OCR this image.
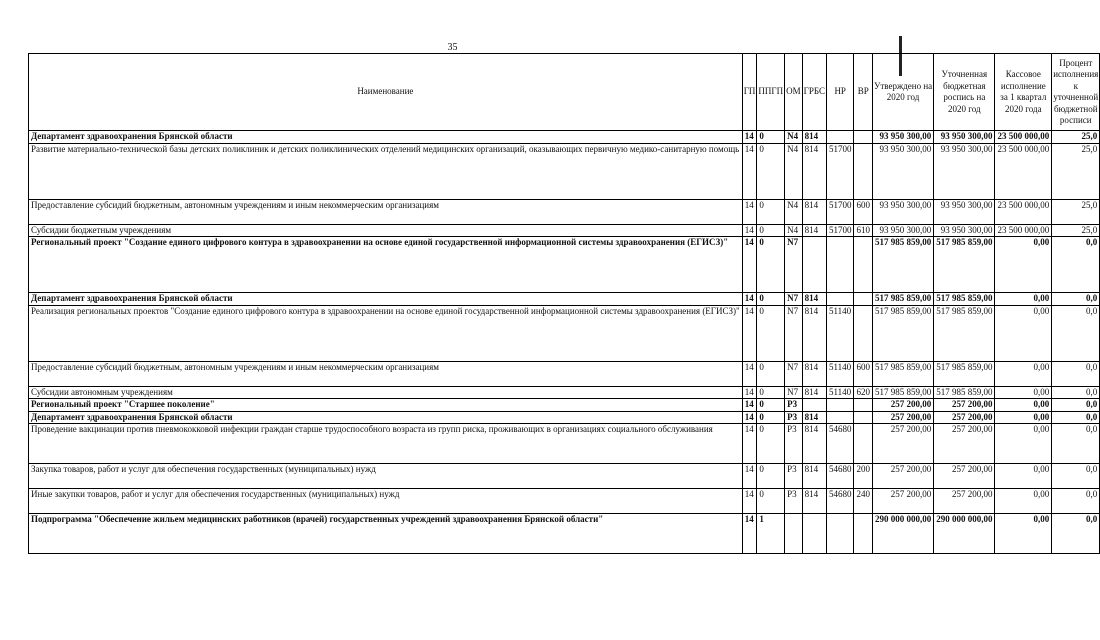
35
Наименование	ГП	ППГП	ОМ	ГРБС	НР	ВР	Утверждено на 2020 год	Уточненная бюджетная роспись на 2020 год	Кассовое исполнение за 1 квартал 2020 года	Процент исполнения к уточненной бюджетной росписи
Департамент здравоохранения Брянской области	14	0	N4	814			93 950 300,00	93 950 300,00	23 500 000,00	25,0
Развитие материально-технической базы детских поликлиник и детских поликлинических отделений медицинских организаций, оказывающих первичную медико-санитарную помощь	14	0	N4	814	51700		93 950 300,00	93 950 300,00	23 500 000,00	25,0
Предоставление субсидий бюджетным, автономным учреждениям и иным некоммерческим организациям	14	0	N4	814	51700	600	93 950 300,00	93 950 300,00	23 500 000,00	25,0
Субсидии бюджетным учреждениям	14	0	N4	814	51700	610	93 950 300,00	93 950 300,00	23 500 000,00	25,0
Региональный проект "Создание единого цифрового контура в здравоохранении на основе единой государственной информационной системы здравоохранения (ЕГИСЗ)"	14	0	N7				517 985 859,00	517 985 859,00	0,00	0,0
Департамент здравоохранения Брянской области	14	0	N7	814			517 985 859,00	517 985 859,00	0,00	0,0
Реализация региональных проектов "Создание единого цифрового контура в здравоохранении на основе единой государственной информационной системы здравоохранения (ЕГИСЗ)"	14	0	N7	814	51140		517 985 859,00	517 985 859,00	0,00	0,0
Предоставление субсидий бюджетным, автономным учреждениям и иным некоммерческим организациям	14	0	N7	814	51140	600	517 985 859,00	517 985 859,00	0,00	0,0
Субсидии автономным учреждениям	14	0	N7	814	51140	620	517 985 859,00	517 985 859,00	0,00	0,0
Региональный проект "Старшее поколение"	14	0	P3				257 200,00	257 200,00	0,00	0,0
Департамент здравоохранения Брянской области	14	0	P3	814			257 200,00	257 200,00	0,00	0,0
Проведение вакцинации против пневмококковой инфекции граждан старше трудоспособного возраста из групп риска, проживающих в организациях социального обслуживания	14	0	P3	814	54680		257 200,00	257 200,00	0,00	0,0
Закупка товаров, работ и услуг для обеспечения государственных (муниципальных) нужд	14	0	P3	814	54680	200	257 200,00	257 200,00	0,00	0,0
Иные закупки товаров, работ и услуг для обеспечения государственных (муниципальных) нужд	14	0	P3	814	54680	240	257 200,00	257 200,00	0,00	0,0
Подпрограмма "Обеспечение жильем медицинских работников (врачей) государственных учреждений здравоохранения Брянской области"	14	1					290 000 000,00	290 000 000,00	0,00	0,0
